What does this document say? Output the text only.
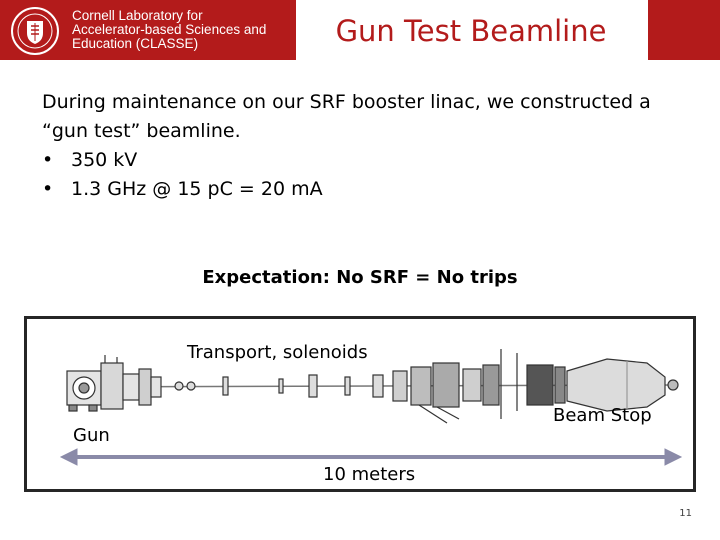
Cornell Laboratory for
Accelerator-based Sciences and
Education (CLASSE)	Gun Test Beamline
During maintenance on our SRF booster linac, we constructed a “gun test” beamline.
• 350 kV
• 1.3 GHz @ 15 pC = 20 mA
Expectation: No SRF = No trips
Transport, solenoids
Gun
Beam Stop
10 meters
11
